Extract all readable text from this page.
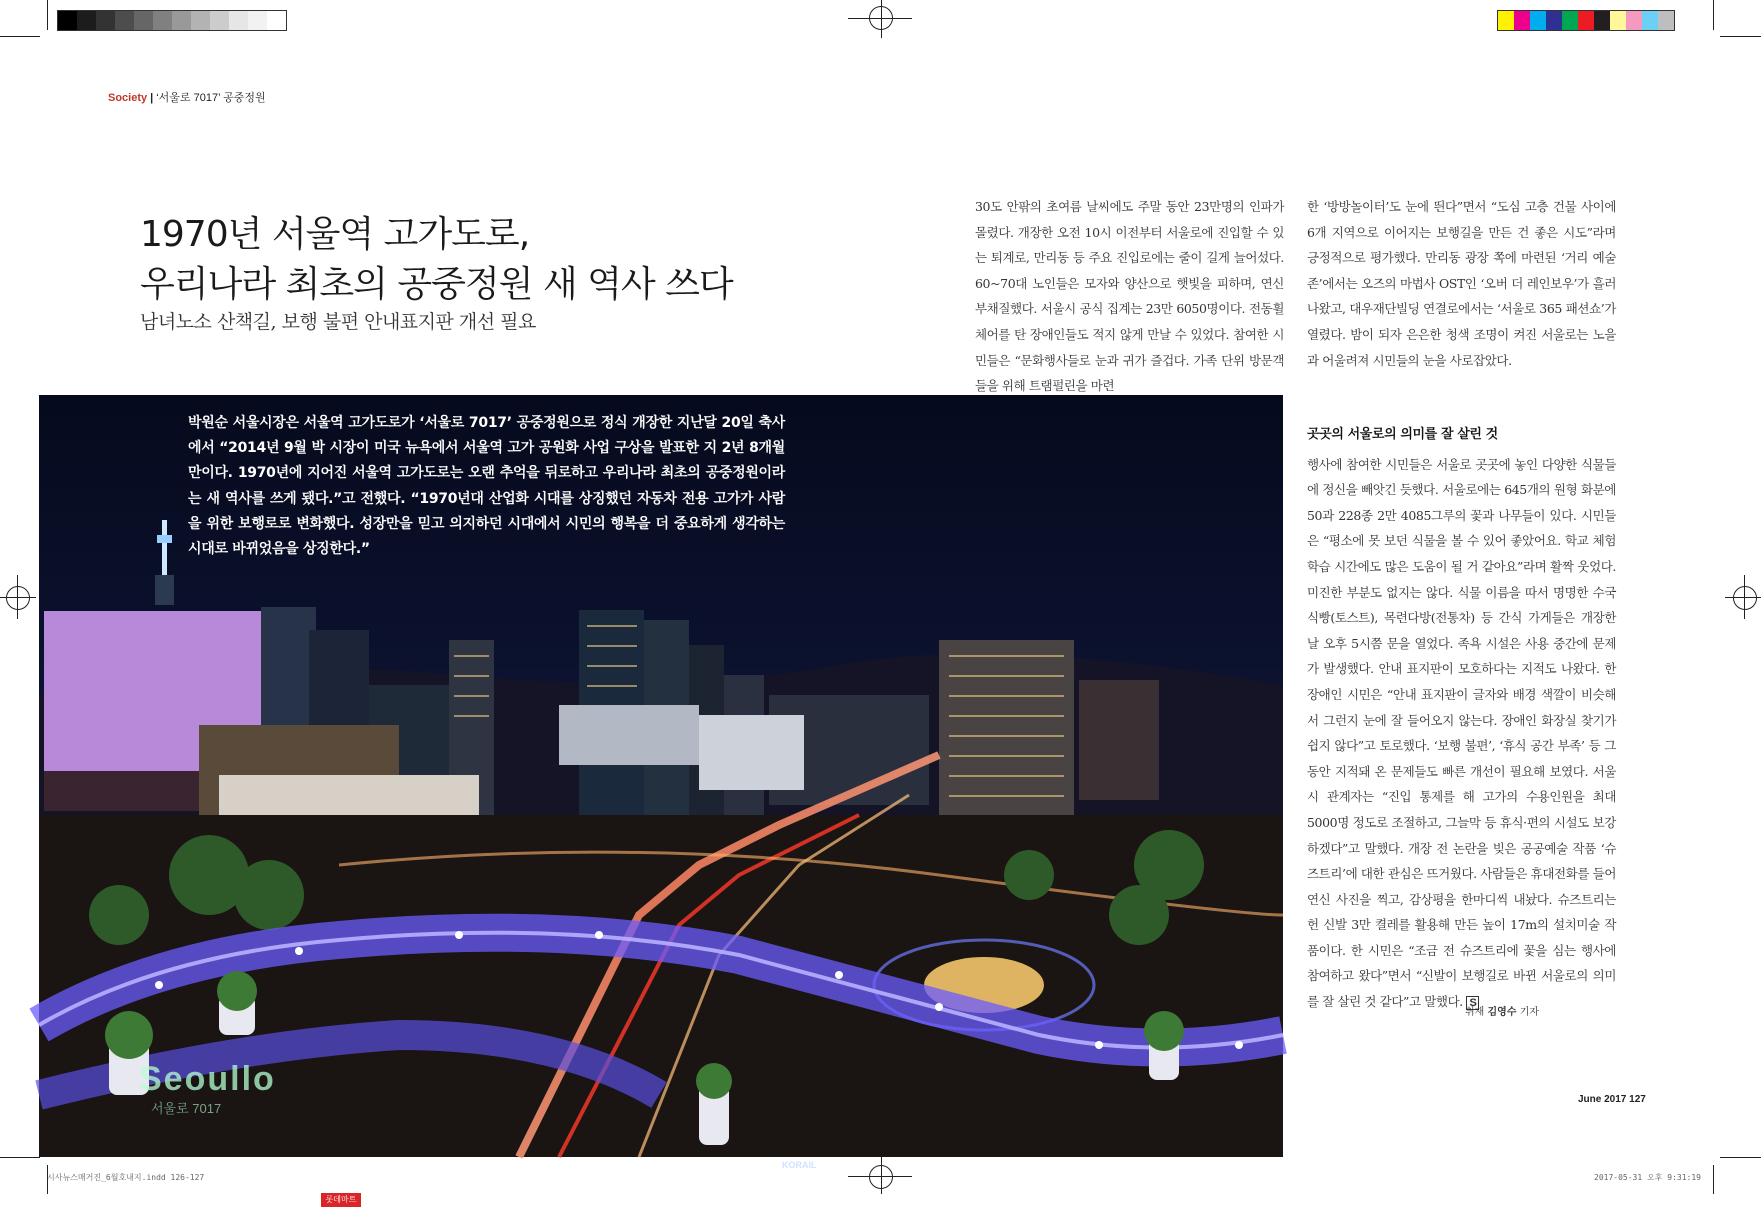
Society | ‘서울로 7017’ 공중정원
1970년 서울역 고가도로,
우리나라 최초의 공중정원 새 역사 쓰다
남녀노소 산책길, 보행 불편 안내표지판 개선 필요
Seoullo
서울로 7017
KORAIL
롯데마트
박원순 서울시장은 서울역 고가도로가 ‘서울로 7017’ 공중정원으로 정식 개장한 지난달 20일 축사에서 “2014년 9월 박 시장이 미국 뉴욕에서 서울역 고가 공원화 사업 구상을 발표한 지 2년 8개월 만이다. 1970년에 지어진 서울역 고가도로는 오랜 추억을 뒤로하고 우리나라 최초의 공중정원이라는 새 역사를 쓰게 됐다.”고 전했다. “1970년대 산업화 시대를 상징했던 자동차 전용 고가가 사람을 위한 보행로로 변화했다. 성장만을 믿고 의지하던 시대에서 시민의 행복을 더 중요하게 생각하는 시대로 바뀌었음을 상징한다.”

30도 안팎의 초여름 날씨에도 주말 동안 23만명의 인파가 몰렸다. 개장한 오전 10시 이전부터 서울로에 진입할 수 있는 퇴계로, 만리동 등 주요 진입로에는 줄이 길게 늘어섰다. 60~70대 노인들은 모자와 양산으로 햇빛을 피하며, 연신 부채질했다. 서울시 공식 집계는 23만 6050명이다. 전동휠체어를 탄 장애인들도 적지 않게 만날 수 있었다. 참여한 시민들은 “문화행사들로 눈과 귀가 즐겁다. 가족 단위 방문객들을 위해 트램펄린을 마련

한 ‘방방놀이터’도 눈에 띈다”면서 “도심 고층 건물 사이에 6개 지역으로 이어지는 보행길을 만든 건 좋은 시도”라며 긍정적으로 평가했다. 만리동 광장 쪽에 마련된 ‘거리 예술존’에서는 오즈의 마법사 OST인 ‘오버 더 레인보우’가 흘러나왔고, 대우재단빌딩 연결로에서는 ‘서울로 365 패션쇼’가 열렸다. 밤이 되자 은은한 청색 조명이 켜진 서울로는 노을과 어울려져 시민들의 눈을 사로잡았다.

곳곳의 서울로의 의미를 잘 살린 것

행사에 참여한 시민들은 서울로 곳곳에 놓인 다양한 식물들에 정신을 빼앗긴 듯했다. 서울로에는 645개의 원형 화분에 50과 228종 2만 4085그루의 꽃과 나무들이 있다. 시민들은 “평소에 못 보던 식물을 볼 수 있어 좋았어요. 학교 체험 학습 시간에도 많은 도움이 될 거 같아요”라며 활짝 웃었다. 미진한 부분도 없지는 않다. 식물 이름을 따서 명명한 수국식빵(토스트), 목련다방(전통차) 등 간식 가게들은 개장한 날 오후 5시쯤 문을 열었다. 족욕 시설은 사용 중간에 문제가 발생했다. 안내 표지판이 모호하다는 지적도 나왔다. 한 장애인 시민은 “안내 표지판이 글자와 배경 색깔이 비슷해서 그런지 눈에 잘 들어오지 않는다. 장애인 화장실 찾기가 쉽지 않다”고 토로했다. ‘보행 불편’, ‘휴식 공간 부족’ 등 그동안 지적돼 온 문제들도 빠른 개선이 필요해 보였다. 서울시 관계자는 “진입 통제를 해 고가의 수용인원을 최대 5000명 정도로 조절하고, 그늘막 등 휴식·편의 시설도 보강하겠다”고 말했다. 개장 전 논란을 빚은 공공예술 작품 ‘슈즈트리’에 대한 관심은 뜨거웠다. 사람들은 휴대전화를 들어 연신 사진을 찍고, 감상평을 한마디씩 내놨다. 슈즈트리는 헌 신발 3만 켤레를 활용해 만든 높이 17m의 설치미술 작품이다. 한 시민은 “조금 전 슈즈트리에 꽃을 심는 행사에 참여하고 왔다”면서 “신발이 보행길로 바뀐 서울로의 의미를 잘 살린 것 같다”고 말했다. S

취재 김영수 기자
June 2017 127
시사뉴스매거진_6월호내지.indd 126-127	2017-05-31 오후 9:31:19
